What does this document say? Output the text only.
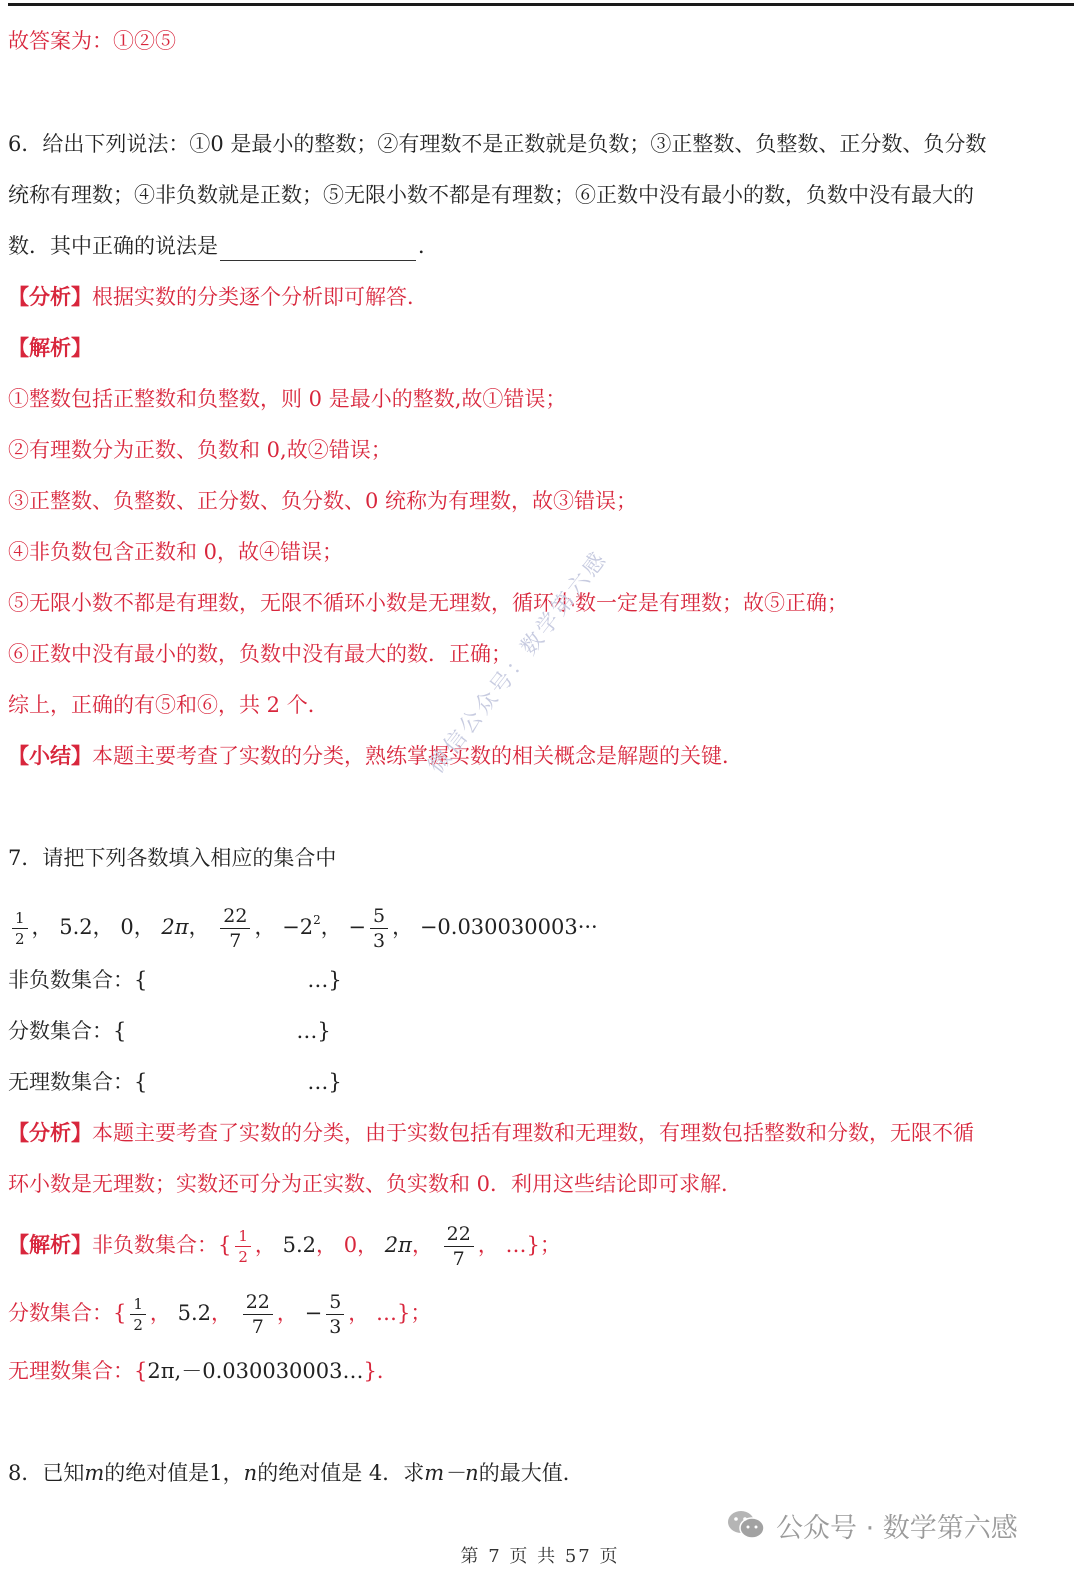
故答案为：①②⑤
6．给出下列说法：①0 是最小的整数；②有理数不是正数就是负数；③正整数、负整数、正分数、负分数
统称有理数；④非负数就是正数；⑤无限小数不都是有理数；⑥正数中没有最小的数，负数中没有最大的
数．其中正确的说法是	．
【分析】根据实数的分类逐个分析即可解答．
【解析】
①整数包括正整数和负整数，则 0 是最小的整数,故①错误；
②有理数分为正数、负数和 0,故②错误；
③正整数、负整数、正分数、负分数、0 统称为有理数，故③错误；
④非负数包含正数和 0，故④错误；
⑤无限小数不都是有理数，无限不循环小数是无理数，循环小数一定是有理数；故⑤正确；
⑥正数中没有最小的数，负数中没有最大的数．正确；
综上，正确的有⑤和⑥，共 2 个．
【小结】本题主要考查了实数的分类，熟练掌握实数的相关概念是解题的关键．
微信公众号：数学第六感
7．请把下列各数填入相应的集合中
$\frac{1}{2}$ ， 5.2， 0， 2π， $\frac{22}{7}$ ， $-2^2$， − $\frac{5}{3}$ ， −0.030030003···
非负数集合：{	…}
分数集合：{	…}
无理数集合：{	…}
【分析】本题主要考查了实数的分类，由于实数包括有理数和无理数，有理数包括整数和分数，无限不循
环小数是无理数；实数还可分为正实数、负实数和 0．利用这些结论即可求解．
【解析】非负数集合：{ $\frac{1}{2}$ ， 5.2， 0， 2π， $\frac{22}{7}$ ， …}；
分数集合：{ $\frac{1}{2}$ ， 5.2， $\frac{22}{7}$ ， − $\frac{5}{3}$ ， …}；
无理数集合：{2π,－0.030030003…}．
8．已知m的绝对值是1，n的绝对值是 4．求m－n的最大值．
公众号 · 数学第六感
第 7 页 共 57 页
